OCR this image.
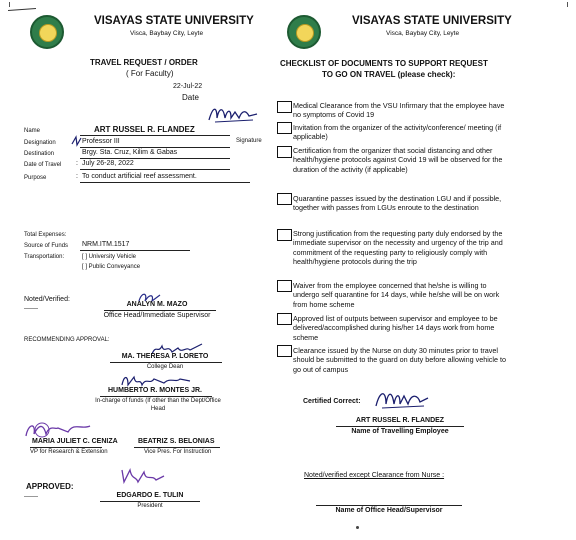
VISAYAS STATE UNIVERSITY
Visca, Baybay City, Leyte
TRAVEL REQUEST / ORDER
( For Faculty)
22-Jul-22
Date
Name	ART RUSSEL R. FLANDEZ
Signature
Designation	Professor III
Destination	Brgy. Sta. Cruz, Kilim & Gabas
Date of Travel : July 26-28, 2022
Purpose	: To conduct artificial reef assessment.
Total Expenses:
Source of Funds NRM.ITM.1517
Transportation:	[ ] University Vehicle
[ ] Public Conveyance
Noted/Verified:
ANALYN M. MAZO
Office Head/Immediate Supervisor
RECOMMENDING APPROVAL:
MA. THERESA P. LORETO
College Dean
HUMBERTO R. MONTES JR.
In-charge of funds (If other than the Dept/Office
Head
MARIA JULIET C. CENIZA
VP for Research & Extension
BEATRIZ S. BELONIAS
Vice Pres. For Instruction
APPROVED:
EDGARDO E. TULIN
President
VISAYAS STATE UNIVERSITY
Visca, Baybay City, Leyte
CHECKLIST OF DOCUMENTS TO SUPPORT REQUEST
TO GO ON TRAVEL (please check):
Medical Clearance from the VSU Infirmary that the employee have no symptoms of Covid 19
Invitation from the organizer of the activity/conference/ meeting (if applicable)
Certification from the organizer that social distancing and other health/hygiene protocols against Covid 19 will be observed for the duration of the activity (if applicable)
Quarantine passes issued by the destination LGU and if possible, together with passes from LGUs enroute to the destination
Strong justification from the requesting party duly endorsed by the immediate supervisor on the necessity and urgency of the trip and commitment of the requesting party to religiously comply with health/hygiene protocols during the trip
Waiver from the employee concerned that he/she is willing to undergo self quarantine for 14 days, while he/she will be on work from home scheme
Approved list of outputs between supervisor and employee to be delivered/accomplished during his/her 14 days work from home scheme
Clearance issued by the Nurse on duty 30 minutes prior to travel should be submitted to the guard on duty before allowing vehicle to go out of campus
Certified Correct:
ART RUSSEL R. FLANDEZ
Name of Travelling Employee
Noted/verified except Clearance from Nurse :
Name of Office Head/Supervisor
